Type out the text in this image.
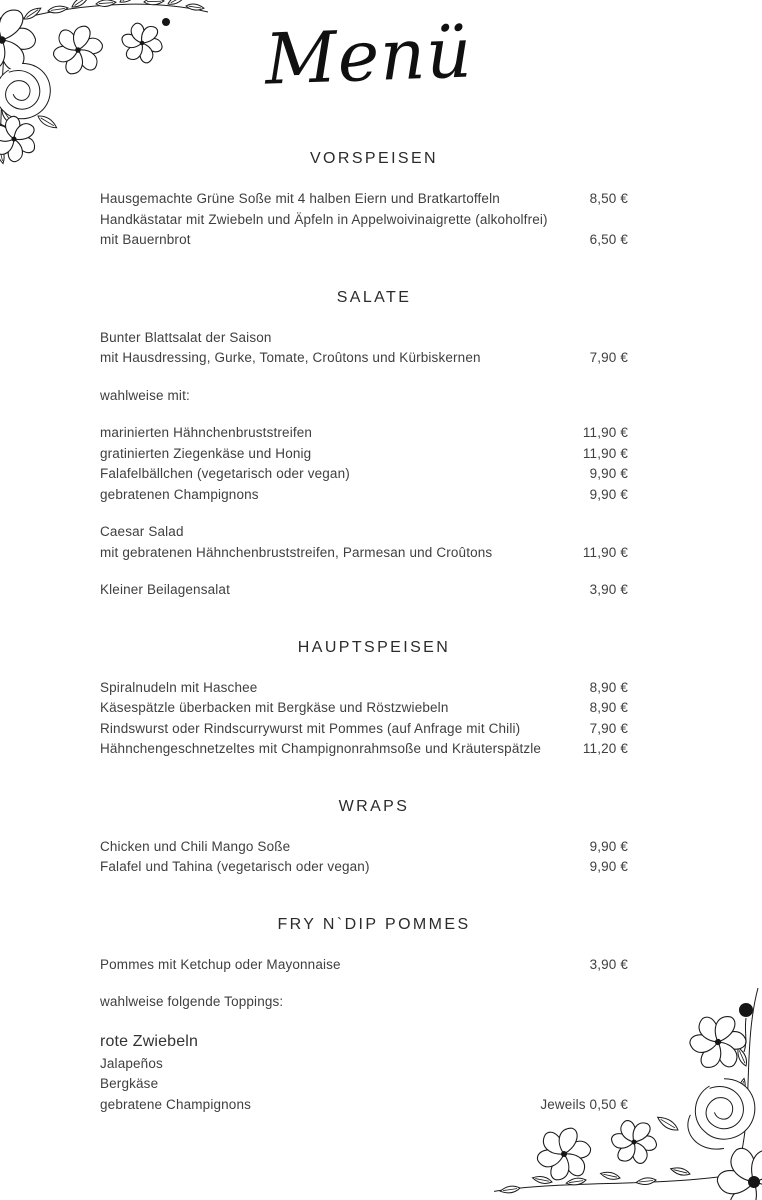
Menü
VORSPEISEN
Hausgemachte Grüne Soße mit 4 halben Eiern und Bratkartoffeln	8,50 €
Handkästatar mit Zwiebeln und Äpfeln in Appelwoivinaigrette (alkoholfrei)
mit Bauernbrot	6,50 €
SALATE
Bunter Blattsalat der Saison
mit Hausdressing, Gurke, Tomate, Croûtons und Kürbiskernen	7,90 €
wahlweise mit:
marinierten Hähnchenbruststreifen	11,90 €
gratinierten Ziegenkäse und Honig	11,90 €
Falafelbällchen (vegetarisch oder vegan)	9,90 €
gebratenen Champignons	9,90 €
Caesar Salad
mit gebratenen Hähnchenbruststreifen, Parmesan und Croûtons	11,90 €
Kleiner Beilagensalat	3,90 €
HAUPTSPEISEN
Spiralnudeln mit Haschee	8,90 €
Käsespätzle überbacken mit Bergkäse und Röstzwiebeln	8,90 €
Rindswurst oder Rindscurrywurst mit Pommes (auf Anfrage mit Chili)	7,90 €
Hähnchengeschnetzeltes mit Champignonrahmsoße und Kräuterspätzle	11,20 €
WRAPS
Chicken und Chili Mango Soße	9,90 €
Falafel und Tahina (vegetarisch oder vegan)	9,90 €
FRY N`DIP POMMES
Pommes mit Ketchup oder Mayonnaise	3,90 €
wahlweise folgende Toppings:
rote Zwiebeln
Jalapeños
Bergkäse
gebratene Champignons	Jeweils 0,50 €
